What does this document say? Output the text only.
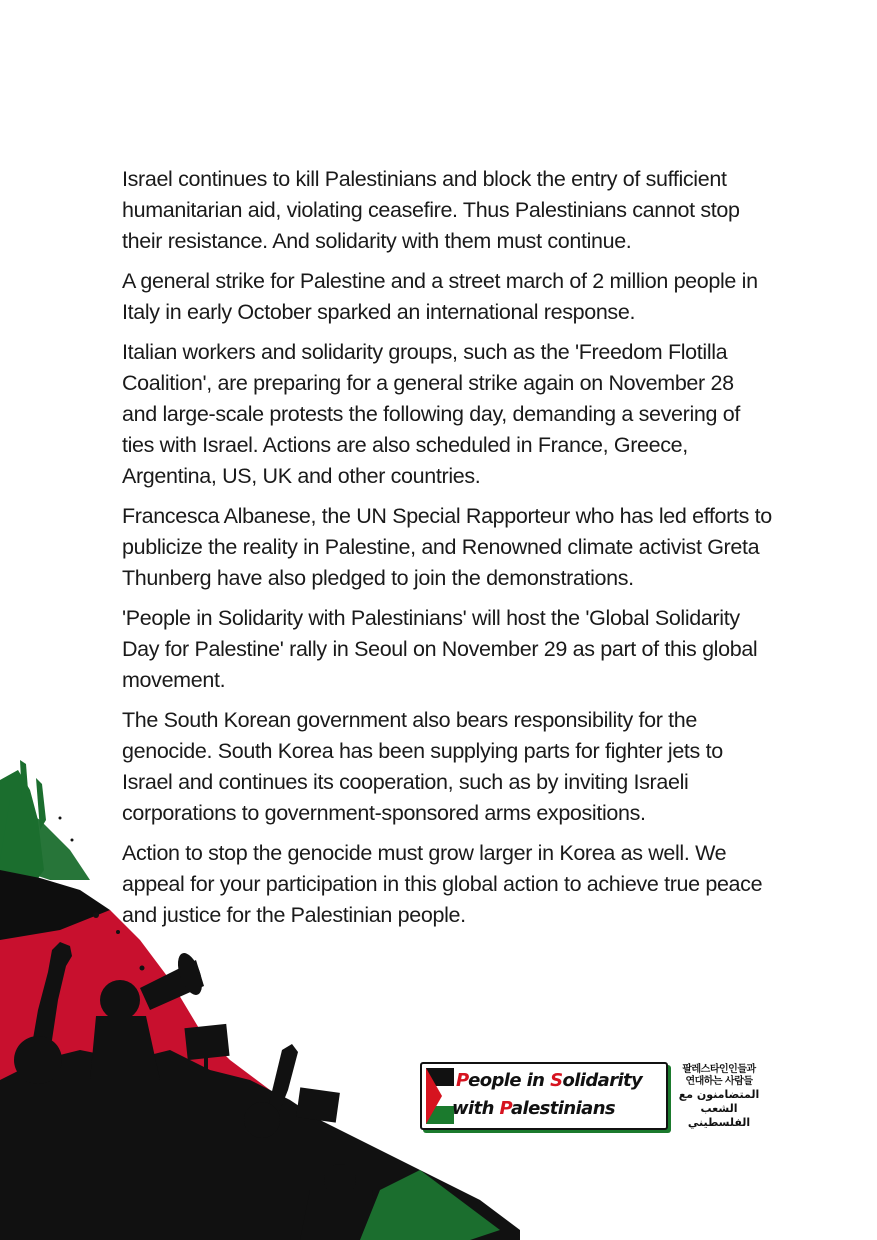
Israel continues to kill Palestinians and block the entry of sufficient humanitarian aid, violating ceasefire. Thus Palestinians cannot stop their resistance. And solidarity with them must continue.

A general strike for Palestine and a street march of 2 million people in Italy in early October sparked an international response.

Italian workers and solidarity groups, such as the 'Freedom Flotilla Coalition', are preparing for a general strike again on November 28 and large-scale protests the following day, demanding a severing of ties with Israel. Actions are also scheduled in France, Greece, Argentina, US, UK and other countries.

Francesca Albanese, the UN Special Rapporteur who has led efforts to publicize the reality in Palestine, and Renowned climate activist Greta Thunberg have also pledged to join the demonstrations.

'People in Solidarity with Palestinians' will host the 'Global Solidarity Day for Palestine' rally in Seoul on November 29 as part of this global movement.

The South Korean government also bears responsibility for the genocide. South Korea has been supplying parts for fighter jets to Israel and continues its cooperation, such as by inviting Israeli corporations to government-sponsored arms expositions.

Action to stop the genocide must grow larger in Korea as well. We appeal for your participation in this global action to achieve true peace and justice for the Palestinian people.

People in Solidarity
with Palestinians
팔레스타인인들과
연대하는 사람들
المتضامنون مع
الشعب الفلسطيني
